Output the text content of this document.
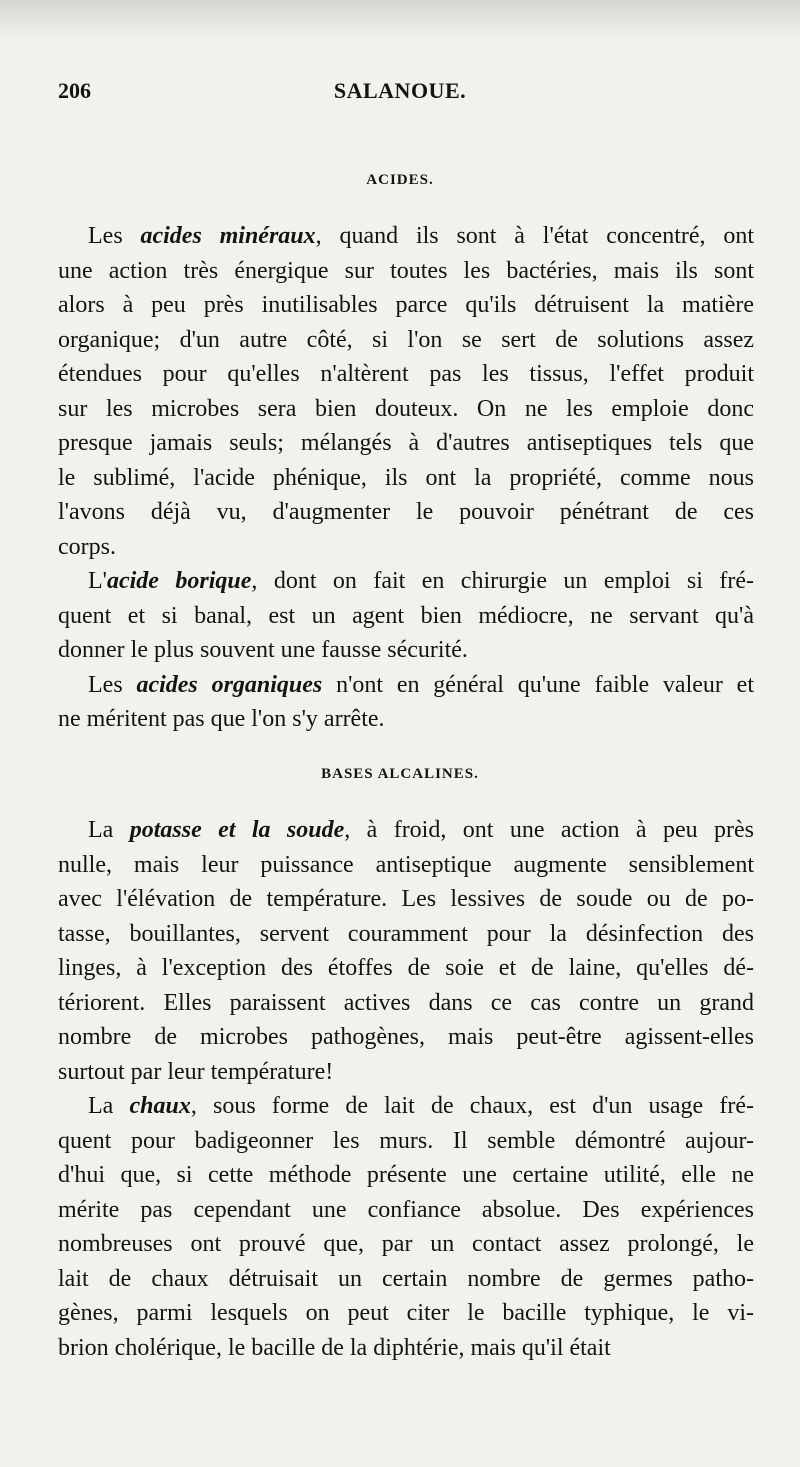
206	SALANOUE.
ACIDES.
Les acides minéraux, quand ils sont à l'état concentré, ont
une action très énergique sur toutes les bactéries, mais ils sont
alors à peu près inutilisables parce qu'ils détruisent la matière
organique; d'un autre côté, si l'on se sert de solutions assez
étendues pour qu'elles n'altèrent pas les tissus, l'effet produit
sur les microbes sera bien douteux. On ne les emploie donc
presque jamais seuls; mélangés à d'autres antiseptiques tels que
le sublimé, l'acide phénique, ils ont la propriété, comme nous
l'avons déjà vu, d'augmenter le pouvoir pénétrant de ces
corps.
L'acide borique, dont on fait en chirurgie un emploi si fré-
quent et si banal, est un agent bien médiocre, ne servant qu'à
donner le plus souvent une fausse sécurité.
Les acides organiques n'ont en général qu'une faible valeur et
ne méritent pas que l'on s'y arrête.
BASES ALCALINES.
La potasse et la soude, à froid, ont une action à peu près
nulle, mais leur puissance antiseptique augmente sensiblement
avec l'élévation de température. Les lessives de soude ou de po-
tasse, bouillantes, servent couramment pour la désinfection des
linges, à l'exception des étoffes de soie et de laine, qu'elles dé-
tériorent. Elles paraissent actives dans ce cas contre un grand
nombre de microbes pathogènes, mais peut-être agissent-elles
surtout par leur température!
La chaux, sous forme de lait de chaux, est d'un usage fré-
quent pour badigeonner les murs. Il semble démontré aujour-
d'hui que, si cette méthode présente une certaine utilité, elle ne
mérite pas cependant une confiance absolue. Des expériences
nombreuses ont prouvé que, par un contact assez prolongé, le
lait de chaux détruisait un certain nombre de germes patho-
gènes, parmi lesquels on peut citer le bacille typhique, le vi-
brion cholérique, le bacille de la diphtérie, mais qu'il était
